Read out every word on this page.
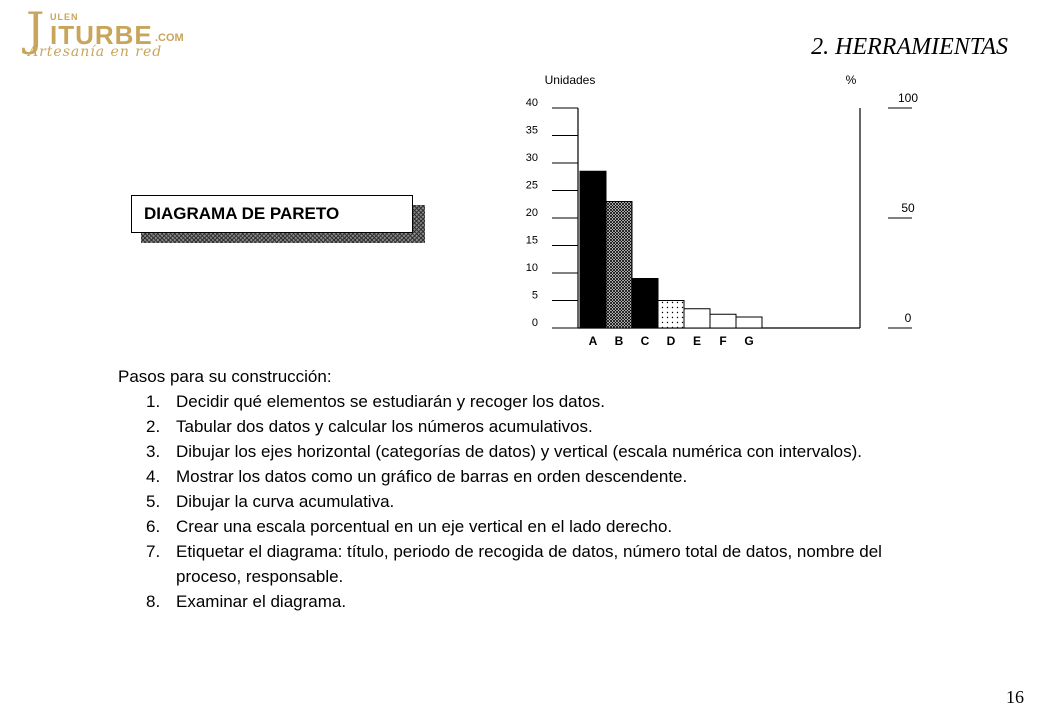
J ULEN
ITURBE .COM
Artesanía en red	2. HERRAMIENTAS
DIAGRAMA DE PARETO
0
5
10
15
20
25
30
35
40
0
50
100
Unidades	%
A B C D E F G

Pasos para su construcción:

1. Decidir qué elementos se estudiarán y recoger los datos.
2. Tabular dos datos y calcular los números acumulativos.
3. Dibujar los ejes horizontal (categorías de datos) y vertical (escala numérica con intervalos).
4. Mostrar los datos como un gráfico de barras en orden descendente.
5. Dibujar la curva acumulativa.
6. Crear una escala porcentual en un eje vertical en el lado derecho.
7. Etiquetar el diagrama: título, periodo de recogida de datos, número total de datos, nombre del proceso, responsable.
8. Examinar el diagrama.
16
